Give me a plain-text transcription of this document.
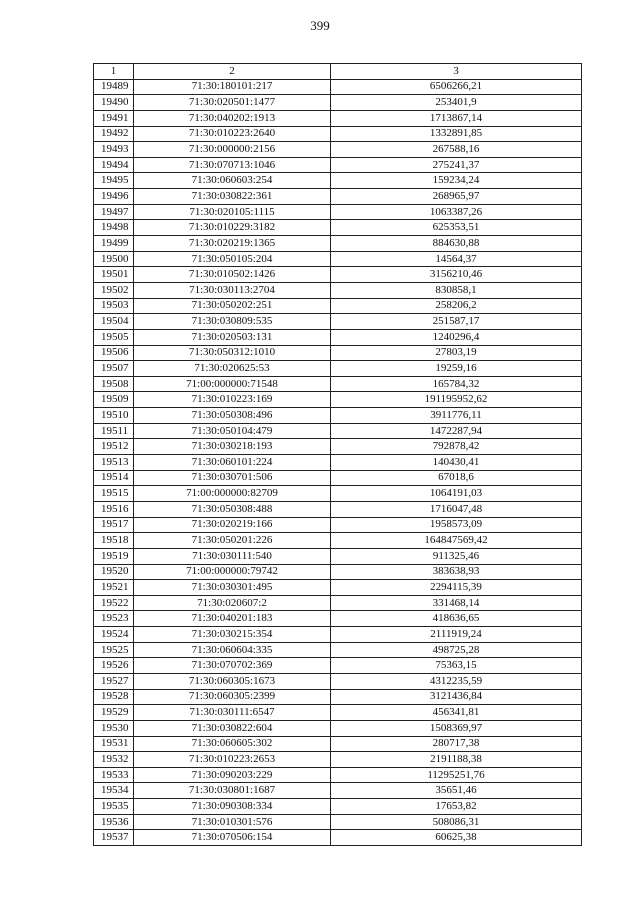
399
1	2	3
19489	71:30:180101:217	6506266,21
19490	71:30:020501:1477	253401,9
19491	71:30:040202:1913	1713867,14
19492	71:30:010223:2640	1332891,85
19493	71:30:000000:2156	267588,16
19494	71:30:070713:1046	275241,37
19495	71:30:060603:254	159234,24
19496	71:30:030822:361	268965,97
19497	71:30:020105:1115	1063387,26
19498	71:30:010229:3182	625353,51
19499	71:30:020219:1365	884630,88
19500	71:30:050105:204	14564,37
19501	71:30:010502:1426	3156210,46
19502	71:30:030113:2704	830858,1
19503	71:30:050202:251	258206,2
19504	71:30:030809:535	251587,17
19505	71:30:020503:131	1240296,4
19506	71:30:050312:1010	27803,19
19507	71:30:020625:53	19259,16
19508	71:00:000000:71548	165784,32
19509	71:30:010223:169	191195952,62
19510	71:30:050308:496	3911776,11
19511	71:30:050104:479	1472287,94
19512	71:30:030218:193	792878,42
19513	71:30:060101:224	140430,41
19514	71:30:030701:506	67018,6
19515	71:00:000000:82709	1064191,03
19516	71:30:050308:488	1716047,48
19517	71:30:020219:166	1958573,09
19518	71:30:050201:226	164847569,42
19519	71:30:030111:540	911325,46
19520	71:00:000000:79742	383638,93
19521	71:30:030301:495	2294115,39
19522	71:30:020607:2	331468,14
19523	71:30:040201:183	418636,65
19524	71:30:030215:354	2111919,24
19525	71:30:060604:335	498725,28
19526	71:30:070702:369	75363,15
19527	71:30:060305:1673	4312235,59
19528	71:30:060305:2399	3121436,84
19529	71:30:030111:6547	456341,81
19530	71:30:030822:604	1508369,97
19531	71:30:060605:302	280717,38
19532	71:30:010223:2653	2191188,38
19533	71:30:090203:229	11295251,76
19534	71:30:030801:1687	35651,46
19535	71:30:090308:334	17653,82
19536	71:30:010301:576	508086,31
19537	71:30:070506:154	60625,38
